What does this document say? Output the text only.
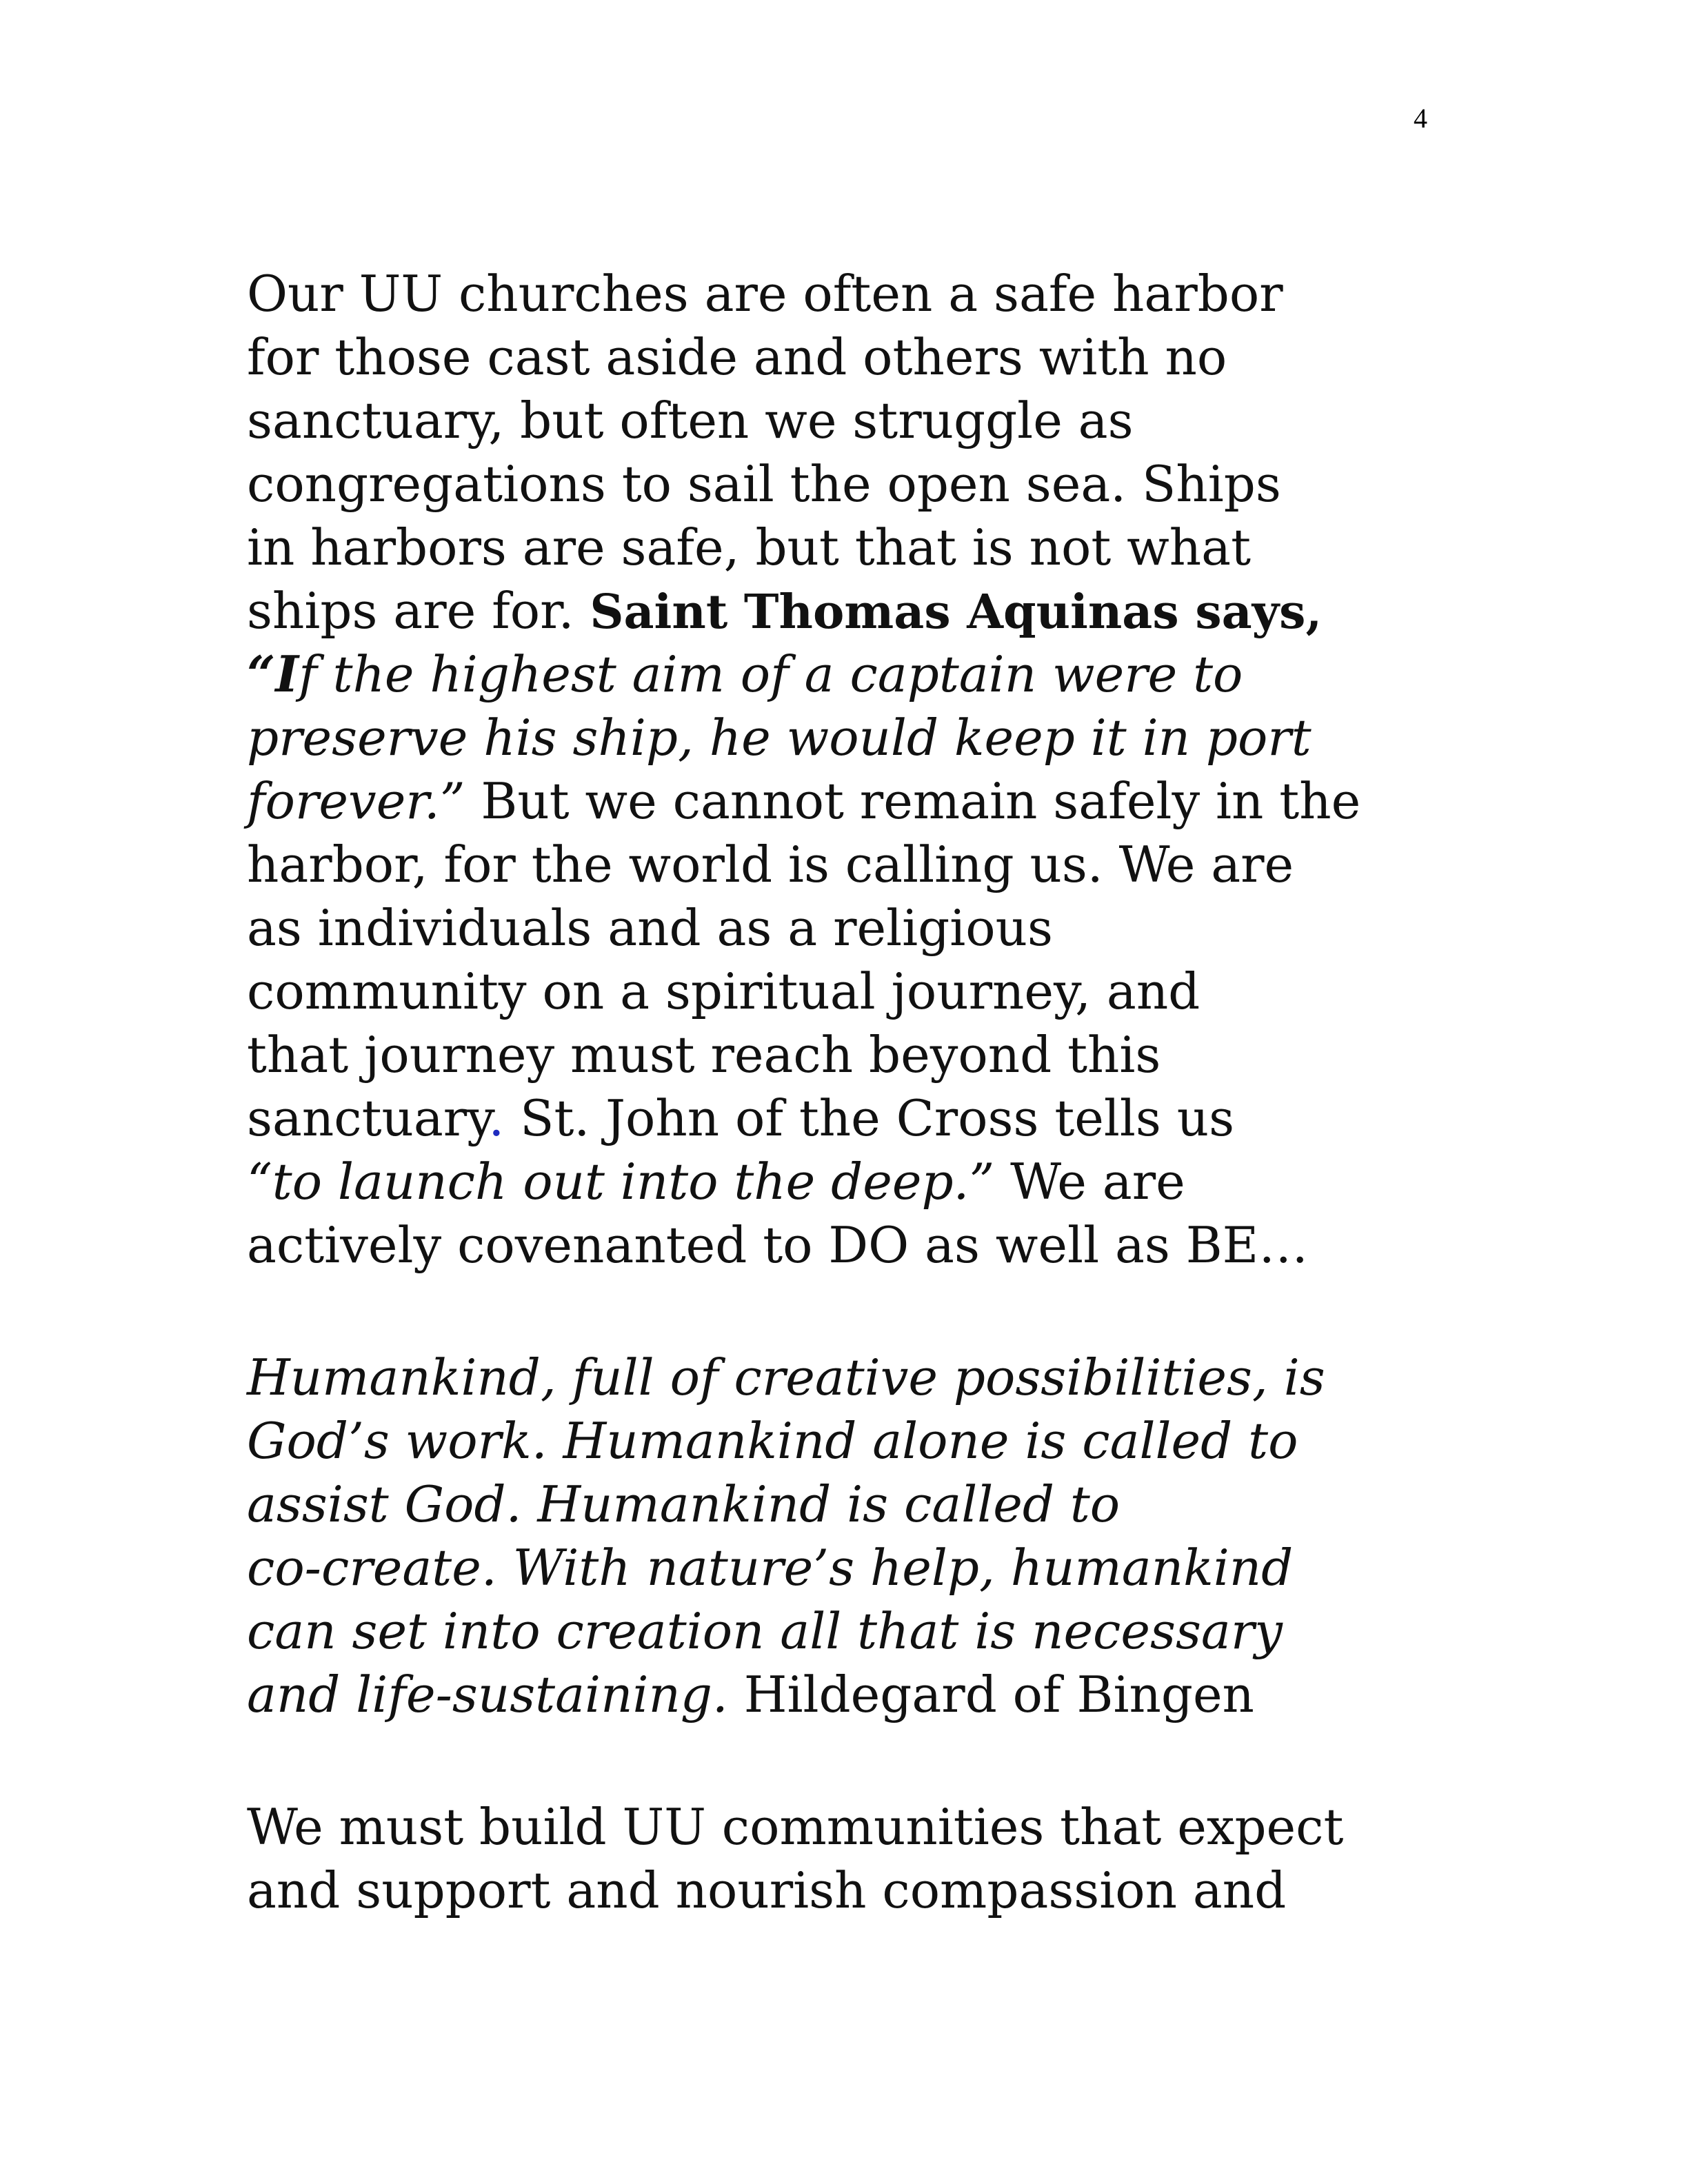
4
Our UU churches are often a safe harbor
for those cast aside and others with no
sanctuary, but often we struggle as
congregations to sail the open sea. Ships
in harbors are safe, but that is not what
ships are for. Saint Thomas Aquinas says,
“If the highest aim of a captain were to
preserve his ship, he would keep it in port
forever.” But we cannot remain safely in the
harbor, for the world is calling us. We are
as individuals and as a religious
community on a spiritual journey, and
that journey must reach beyond this
sanctuary. St. John of the Cross tells us
“to launch out into the deep.” We are
actively covenanted to DO as well as BE…
Humankind, full of creative possibilities, is
God’s work. Humankind alone is called to
assist God. Humankind is called to
co-create. With nature’s help, humankind
can set into creation all that is necessary
and life-sustaining. Hildegard of Bingen
We must build UU communities that expect
and support and nourish compassion and
